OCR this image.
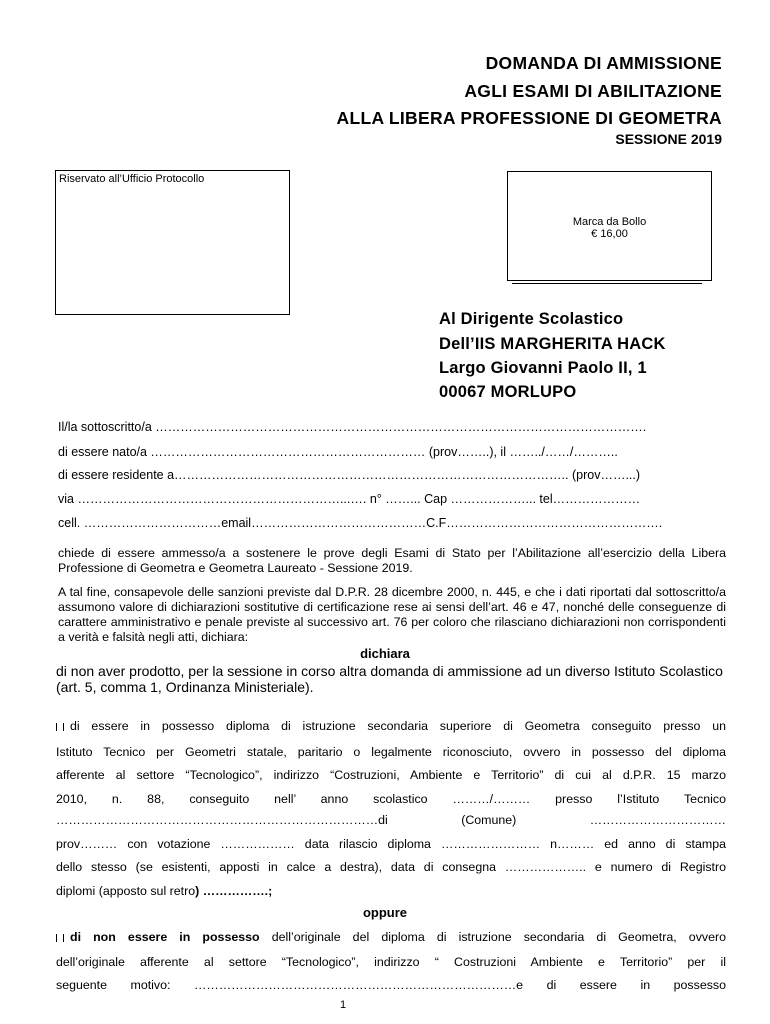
DOMANDA DI AMMISSIONE
AGLI ESAMI DI ABILITAZIONE
ALLA LIBERA PROFESSIONE DI GEOMETRA
SESSIONE 2019
Riservato all’Ufficio Protocollo
Marca da Bollo
€ 16,00
Al Dirigente Scolastico
Dell’IIS MARGHERITA HACK
Largo Giovanni Paolo II, 1
00067 MORLUPO
Il/la sottoscritto/a ……………………………………………………………………………………………………….
di essere nato/a ………………………………………………………… (prov……..), il ……../……/………..
di essere residente a………………………………………………………………………………….. (prov……...)
via ………………………………………………………...…. n° ……... Cap ………………... tel…………………
cell. ……………………………email……………………………………C.F…………………………………………….
chiede di essere ammesso/a a sostenere le prove degli Esami di Stato per l’Abilitazione all’esercizio della Libera Professione di Geometra e Geometra Laureato - Sessione 2019.
A tal fine, consapevole delle sanzioni previste dal D.P.R. 28 dicembre 2000, n. 445, e che i dati riportati dal sottoscritto/a assumono valore di dichiarazioni sostitutive di certificazione rese ai sensi dell’art. 46 e 47, nonché delle conseguenze di carattere amministrativo e penale previste al successivo art. 76 per coloro che rilasciano dichiarazioni non corrispondenti a verità e falsità negli atti, dichiara:
dichiara
di non aver prodotto, per la sessione in corso altra domanda di ammissione ad un diverso Istituto Scolastico (art. 5, comma 1, Ordinanza Ministeriale).
di essere in possesso diploma di istruzione secondaria superiore di Geometra conseguito presso un
Istituto Tecnico per Geometri statale, paritario o legalmente riconosciuto, ovvero in possesso del diploma
afferente al settore “Tecnologico”, indirizzo “Costruzioni, Ambiente e Territorio” di cui al d.P.R. 15 marzo
2010, n. 88, conseguito nell’ anno scolastico ………/……… presso l’Istituto Tecnico
……………………………………………………………………di (Comune) ……………………………
prov……… con votazione ……………… data rilascio diploma …………………… n……… ed anno di stampa
dello stesso (se esistenti, apposti in calce a destra), data di consegna ……………….. e numero di Registro
diplomi (apposto sul retro) …………….;
oppure
di non essere in possesso dell’originale del diploma di istruzione secondaria di Geometra, ovvero
dell’originale afferente al settore “Tecnologico”, indirizzo “ Costruzioni Ambiente e Territorio” per il
seguente motivo: ……………………………………………………………………e di essere in possesso
1
